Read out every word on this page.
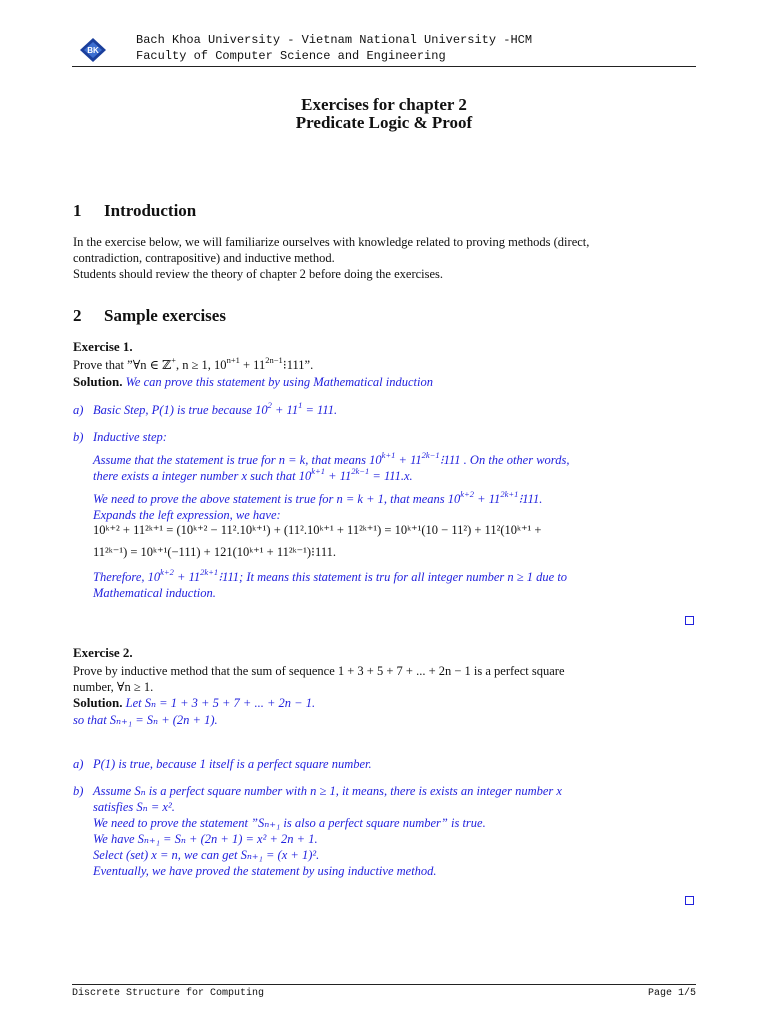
BK
Bach Khoa University - Vietnam National University -HCM
Faculty of Computer Science and Engineering
Exercises for chapter 2
Predicate Logic & Proof
1 Introduction
In the exercise below, we will familiarize ourselves with knowledge related to proving methods (direct,
contradiction, contrapositive) and inductive method.
Students should review the theory of chapter 2 before doing the exercises.
2 Sample exercises
Exercise 1.
Prove that ”∀n ∈ ℤ+, n ≥ 1, $10^{n+1}$ + $11^{2n-1}⁝111$”.
Solution. We can prove this statement by using Mathematical induction
a) Basic Step, P(1) is true because $10^2 + 11^1 = 111$.
b) Inductive step:
Assume that the statement is true for n = k, that means $10^{k+1}$ + $11^{2k-1}⁝111$ . On the other words,
there exists a integer number x such that $10^{k+1} + 11^{2k-1} = 111.x$.
We need to prove the above statement is true for n = k + 1, that means $10^{k+2}$ + $11^{2k+1}⁝111$.
Expands the left expression, we have:
10ᵏ⁺² + 11²ᵏ⁺¹ = (10ᵏ⁺² − 11².10ᵏ⁺¹) + (11².10ᵏ⁺¹ + 11²ᵏ⁺¹) = 10ᵏ⁺¹(10 − 11²) + 11²(10ᵏ⁺¹ +
11²ᵏ⁻¹) = 10ᵏ⁺¹(−111) + 121(10ᵏ⁺¹ + 11²ᵏ⁻¹)⁝111.
Therefore, $10^{k+2}$ + $11^{2k+1}⁝111$; It means this statement is tru for all integer number n ≥ 1 due to
Mathematical induction.
Exercise 2.
Prove by inductive method that the sum of sequence 1 + 3 + 5 + 7 + ... + 2n − 1 is a perfect square
number, ∀n ≥ 1.
Solution. Let Sₙ = 1 + 3 + 5 + 7 + ... + 2n − 1.
so that Sₙ₊₁ = Sₙ + (2n + 1).
a) P(1) is true, because 1 itself is a perfect square number.
b) Assume Sₙ is a perfect square number with n ≥ 1, it means, there is exists an integer number x
satisfies Sₙ = x².
We need to prove the statement ”Sₙ₊₁ is also a perfect square number” is true.
We have Sₙ₊₁ = Sₙ + (2n + 1) = x² + 2n + 1.
Select (set) x = n, we can get Sₙ₊₁ = (x + 1)².
Eventually, we have proved the statement by using inductive method.
Discrete Structure for Computing	Page 1/5
